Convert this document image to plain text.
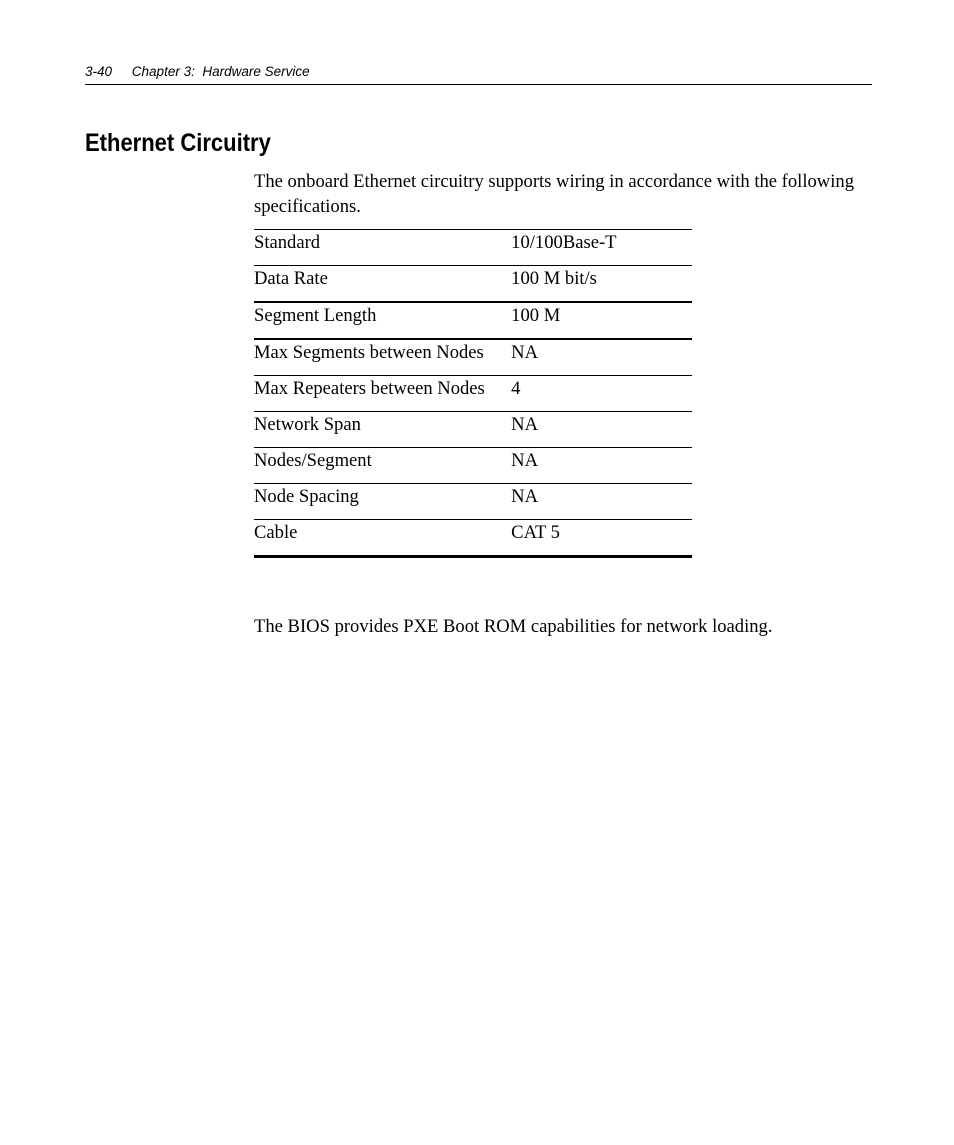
3-40 Chapter 3:  Hardware Service
Ethernet Circuitry

The onboard Ethernet circuitry supports wiring in accordance with the following specifications.

Standard	10/100Base-T
Data Rate	100 M bit/s
Segment Length	100 M
Max Segments between Nodes	NA
Max Repeaters between Nodes	4
Network Span	NA
Nodes/Segment	NA
Node Spacing	NA
Cable	CAT 5

The BIOS provides PXE Boot ROM capabilities for network loading.
